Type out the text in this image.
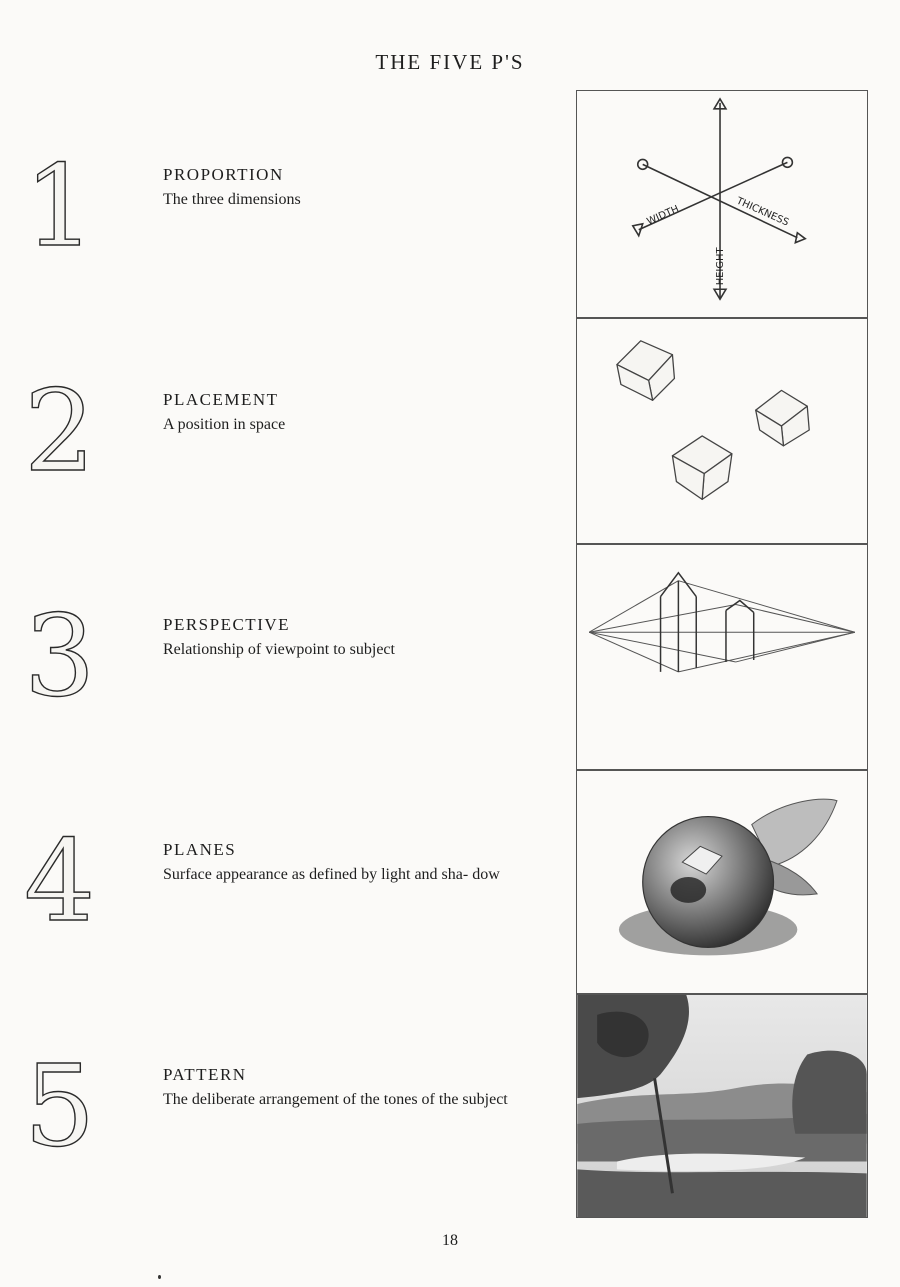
THE FIVE P'S
1	PROPORTION
The three dimensions
2	PLACEMENT
A position in space
3	PERSPECTIVE
Relationship of viewpoint to subject
4	PLANES
Surface appearance as defined by light and sha- dow
5	PATTERN
The deliberate arrangement of the tones of the subject
WIDTH	THICKNESS
HEIGHT
18
